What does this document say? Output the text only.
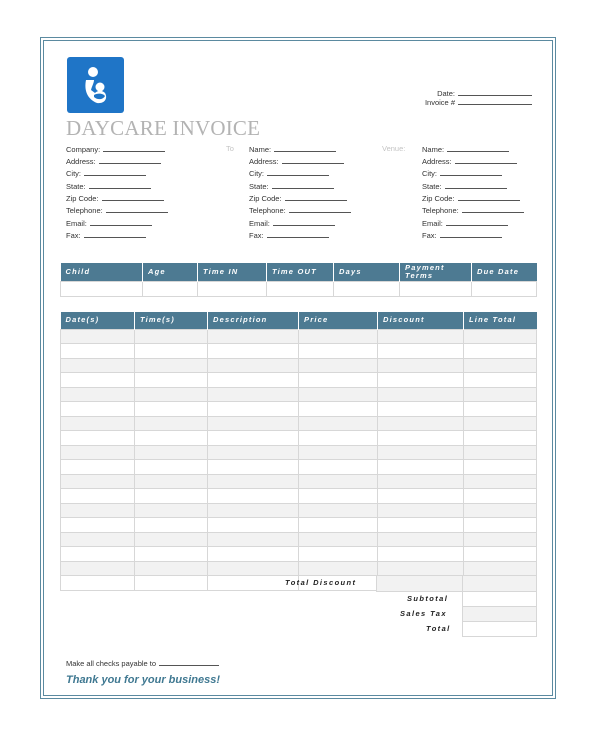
DAYCARE INVOICE
Date:
Invoice #
To	Venue:
Company:
Address:
City:
State:
Zip Code:
Telephone:
Email:
Fax:
Name:
Address:
City:
State:
Zip Code:
Telephone:
Email:
Fax:
Name:
Address:
City:
State:
Zip Code:
Telephone:
Email:
Fax:
Child	Age	Time IN	Time OUT	Days	Payment Terms	Due Date

Date(s)	Time(s)	Description	Price	Discount	Line Total

Total Discount
Subtotal
Sales Tax
Total
Make all checks payable to
Thank you for your business!
